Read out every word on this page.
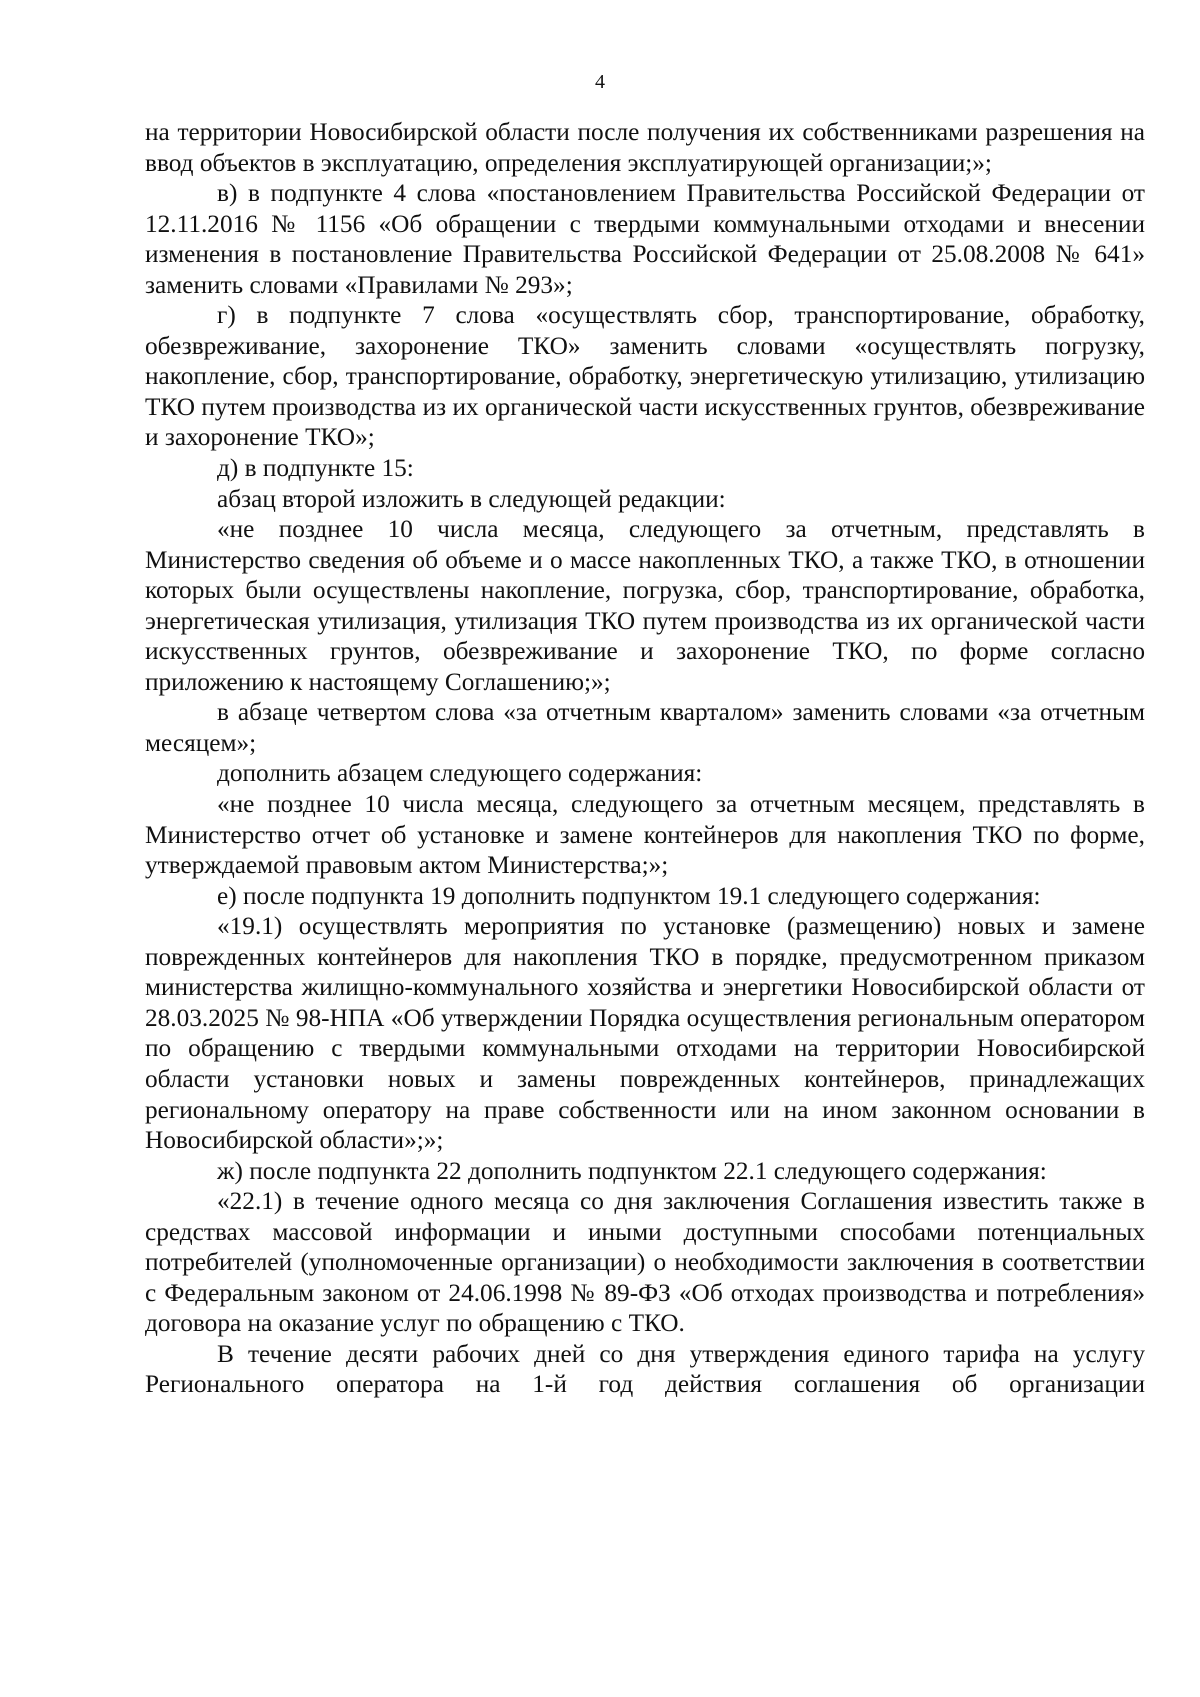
4

на территории Новосибирской области после получения их собственниками разрешения на ввод объектов в эксплуатацию, определения эксплуатирующей организации;»;

в) в подпункте 4 слова «постановлением Правительства Российской Федерации от 12.11.2016 № 1156 «Об обращении с твердыми коммунальными отходами и внесении изменения в постановление Правительства Российской Федерации от 25.08.2008 № 641» заменить словами «Правилами № 293»;

г) в подпункте 7 слова «осуществлять сбор, транспортирование, обработку, обезвреживание, захоронение ТКО» заменить словами «осуществлять погрузку, накопление, сбор, транспортирование, обработку, энергетическую утилизацию, утилизацию ТКО путем производства из их органической части искусственных грунтов, обезвреживание и захоронение ТКО»;

д) в подпункте 15:

абзац второй изложить в следующей редакции:

«не позднее 10 числа месяца, следующего за отчетным, представлять в Министерство сведения об объеме и о массе накопленных ТКО, а также ТКО, в отношении которых были осуществлены накопление, погрузка, сбор, транспортирование, обработка, энергетическая утилизация, утилизация ТКО путем производства из их органической части искусственных грунтов, обезвреживание и захоронение ТКО, по форме согласно приложению к настоящему Соглашению;»;

в абзаце четвертом слова «за отчетным кварталом» заменить словами «за отчетным месяцем»;

дополнить абзацем следующего содержания:

«не позднее 10 числа месяца, следующего за отчетным месяцем, представлять в Министерство отчет об установке и замене контейнеров для накопления ТКО по форме, утверждаемой правовым актом Министерства;»;

е) после подпункта 19 дополнить подпунктом 19.1 следующего содержания:

«19.1) осуществлять мероприятия по установке (размещению) новых и замене поврежденных контейнеров для накопления ТКО в порядке, предусмотренном приказом министерства жилищно-коммунального хозяйства и энергетики Новосибирской области от 28.03.2025 № 98-НПА «Об утверждении Порядка осуществления региональным оператором по обращению с твердыми коммунальными отходами на территории Новосибирской области установки новых и замены поврежденных контейнеров, принадлежащих региональному оператору на праве собственности или на ином законном основании в Новосибирской области»;»;

ж) после подпункта 22 дополнить подпунктом 22.1 следующего содержания:

«22.1) в течение одного месяца со дня заключения Соглашения известить также в средствах массовой информации и иными доступными способами потенциальных потребителей (уполномоченные организации) о необходимости заключения в соответствии с Федеральным законом от 24.06.1998 № 89-ФЗ «Об отходах производства и потребления» договора на оказание услуг по обращению с ТКО.

В течение десяти рабочих дней со дня утверждения единого тарифа на услугу Регионального оператора на 1-й год действия соглашения об организации
